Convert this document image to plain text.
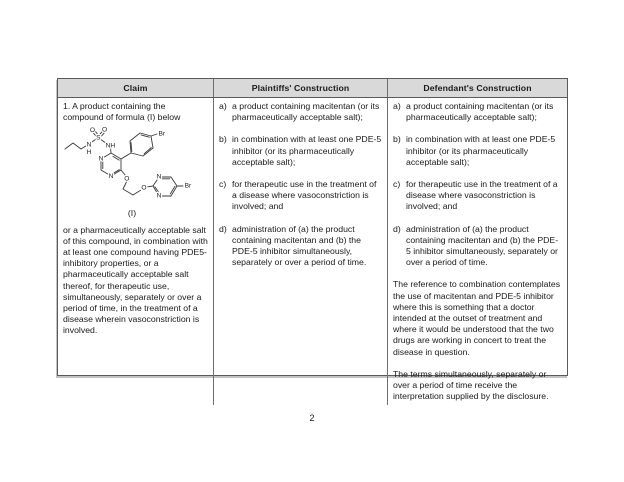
Claim	Plaintiffs' Construction	Defendant's Construction
1. A product containing the compound of formula (I) below
O O
S
N
H
NH
N
N O
O
N
N
Br
Br
(I)
or a pharmaceutically acceptable salt of this compound, in combination with at least one compound having PDE5-inhibitory properties, or a pharmaceutically acceptable salt thereof, for therapeutic use, simultaneously, separately or over a period of time, in the treatment of a disease wherein vasoconstriction is involved.
a) a product containing macitentan (or its pharmaceutically acceptable salt);
b) in combination with at least one PDE-5 inhibitor (or its pharmaceutically acceptable salt);
c) for therapeutic use in the treatment of a disease where vasoconstriction is involved; and
d) administration of (a) the product containing macitentan and (b) the PDE-5 inhibitor simultaneously, separately or over a period of time.
a) a product containing macitentan (or its pharmaceutically acceptable salt);
b) in combination with at least one PDE-5 inhibitor (or its pharmaceutically acceptable salt);
c) for therapeutic use in the treatment of a disease where vasoconstriction is involved; and
d) administration of (a) the product containing macitentan and (b) the PDE-5 inhibitor simultaneously, separately or over a period of time.
The reference to combination contemplates the use of macitentan and PDE-5 inhibitor where this is something that a doctor intended at the outset of treatment and where it would be understood that the two drugs are working in concert to treat the disease in question.
The terms simultaneously, separately or over a period of time receive the interpretation supplied by the disclosure.
2
